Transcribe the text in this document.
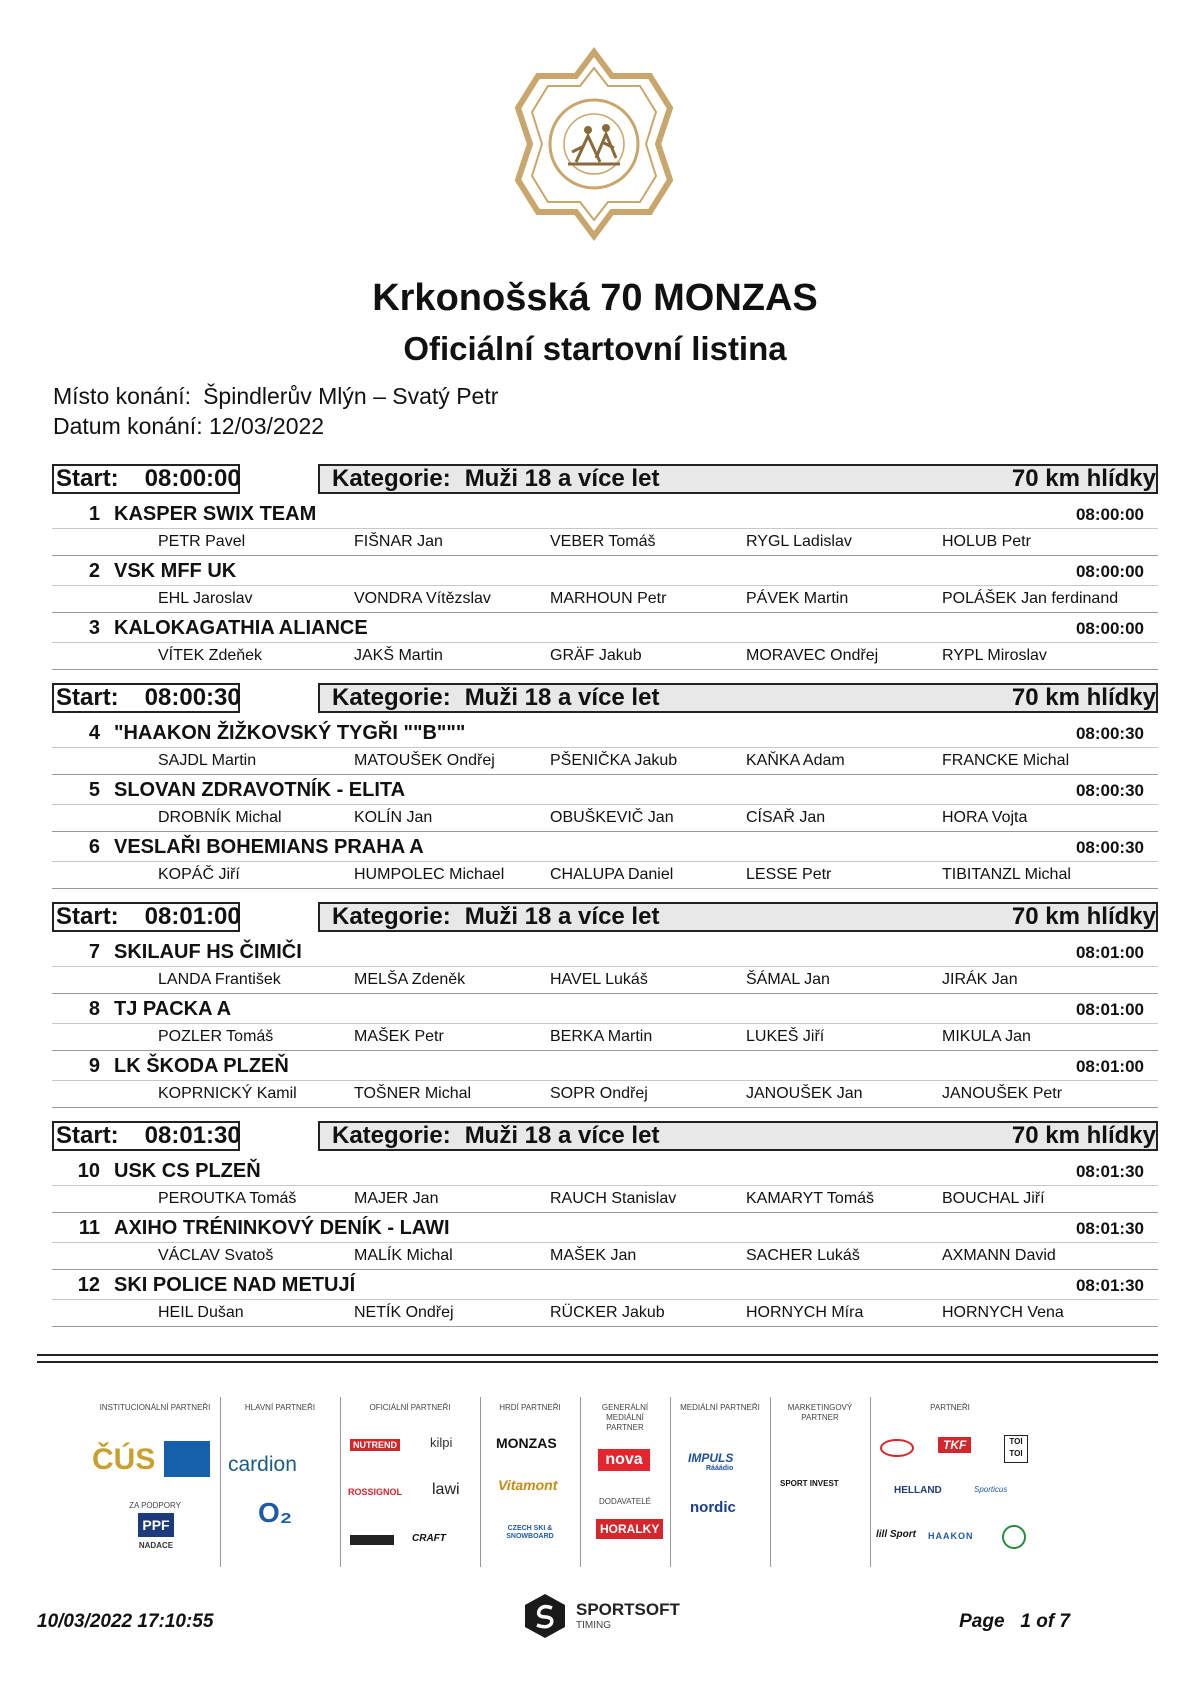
Krkonošská 70 MONZAS
Oficiální startovní listina
Místo konání: Špindlerův Mlýn – Svatý Petr
Datum konání: 12/03/2022
Start: 08:00:00	Kategorie: Muži 18 a více let	70 km hlídky
1 KASPER SWIX TEAM	08:00:00
PETR Pavel	FIŠNAR Jan	VEBER Tomáš	RYGL Ladislav	HOLUB Petr
2 VSK MFF UK	08:00:00
EHL Jaroslav	VONDRA Vítězslav	MARHOUN Petr	PÁVEK Martin	POLÁŠEK Jan ferdinand
3 KALOKAGATHIA ALIANCE	08:00:00
VÍTEK Zdeňek	JAKŠ Martin	GRÄF Jakub	MORAVEC Ondřej	RYPL Miroslav
Start: 08:00:30	Kategorie: Muži 18 a více let	70 km hlídky
4 "HAAKON ŽIŽKOVSKÝ TYGŘI ""B"""	08:00:30
SAJDL Martin	MATOUŠEK Ondřej	PŠENIČKA Jakub	KAŇKA Adam	FRANCKE Michal
5 SLOVAN ZDRAVOTNÍK - ELITA	08:00:30
DROBNÍK Michal	KOLÍN Jan	OBUŠKEVIČ Jan	CÍSAŘ Jan	HORA Vojta
6 VESLAŘI BOHEMIANS PRAHA A	08:00:30
KOPÁČ Jiří	HUMPOLEC Michael	CHALUPA Daniel	LESSE Petr	TIBITANZL Michal
Start: 08:01:00	Kategorie: Muži 18 a více let	70 km hlídky
7 SKILAUF HS ČIMIČI	08:01:00
LANDA František	MELŠA Zdeněk	HAVEL Lukáš	ŠÁMAL Jan	JIRÁK Jan
8 TJ PACKA A	08:01:00
POZLER Tomáš	MAŠEK Petr	BERKA Martin	LUKEŠ Jiří	MIKULA Jan
9 LK ŠKODA PLZEŇ	08:01:00
KOPRNICKÝ Kamil	TOŠNER Michal	SOPR Ondřej	JANOUŠEK Jan	JANOUŠEK Petr
Start: 08:01:30	Kategorie: Muži 18 a více let	70 km hlídky
10 USK CS PLZEŇ	08:01:30
PEROUTKA Tomáš	MAJER Jan	RAUCH Stanislav	KAMARYT Tomáš	BOUCHAL Jiří
11 AXIHO TRÉNINKOVÝ DENÍK - LAWI	08:01:30
VÁCLAV Svatoš	MALÍK Michal	MAŠEK Jan	SACHER Lukáš	AXMANN David
12 SKI POLICE NAD METUJÍ	08:01:30
HEIL Dušan	NETÍK Ondřej	RÜCKER Jakub	HORNYCH Míra	HORNYCH Vena
INSTITUCIONÁLNÍ PARTNEŘI
ČÚS
ZA PODPORY
PPF
NADACE
HLAVNÍ PARTNEŘI
cardion
O₂
OFICIÁLNÍ PARTNEŘI
NUTREND	kilpi
ROSSIGNOL lawi
CRAFT
HRDÍ PARTNEŘI
MONZAS
Vitamont
CZECH SKI & SNOWBOARD
GENERÁLNÍ MEDIÁLNÍ PARTNER
nova
DODAVATELÉ
HORALKY
MEDIÁLNÍ PARTNEŘI
IMPULS
Rááádio
nordic
MARKETINGOVÝ PARTNER
SPORT INVEST
PARTNEŘI
TKF	TOI TOI
HELLAND	Sporticus
lill Sport HAAKON
10/03/2022 17:10:55
SPORTSOFT
TIMING	Page 1 of 7
